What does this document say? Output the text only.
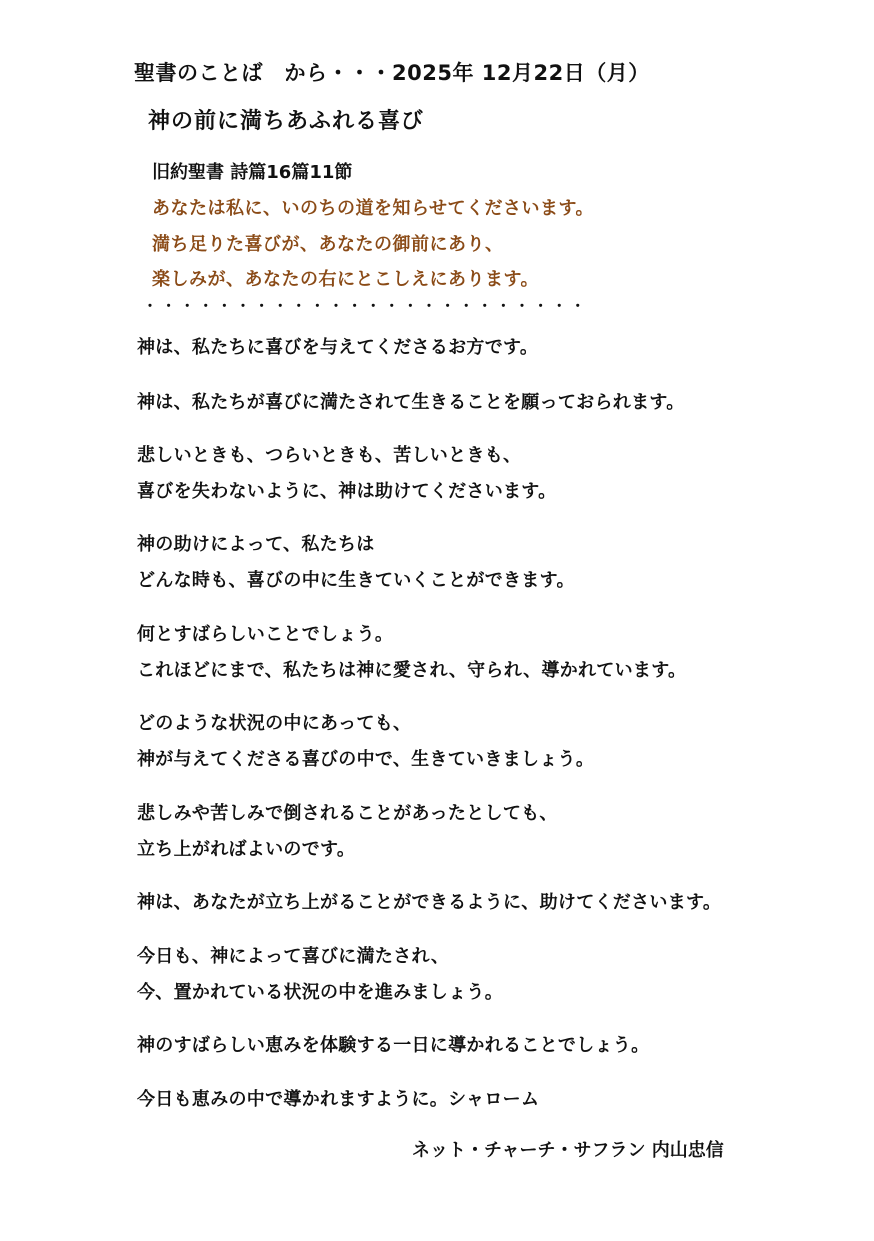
聖書のことば　から・・・2025年 12月22日（月）
神の前に満ちあふれる喜び
旧約聖書 詩篇16篇11節
あなたは私に、いのちの道を知らせてくださいます。
満ち足りた喜びが、あなたの御前にあり、
楽しみが、あなたの右にとこしえにあります。
・・・・・・・・・・・・・・・・・・・・・・・・
神は、私たちに喜びを与えてくださるお方です。
神は、私たちが喜びに満たされて生きることを願っておられます。
悲しいときも、つらいときも、苦しいときも、
喜びを失わないように、神は助けてくださいます。
神の助けによって、私たちは
どんな時も、喜びの中に生きていくことができます。
何とすばらしいことでしょう。
これほどにまで、私たちは神に愛され、守られ、導かれています。
どのような状況の中にあっても、
神が与えてくださる喜びの中で、生きていきましょう。
悲しみや苦しみで倒されることがあったとしても、
立ち上がればよいのです。
神は、あなたが立ち上がることができるように、助けてくださいます。
今日も、神によって喜びに満たされ、
今、置かれている状況の中を進みましょう。
神のすばらしい恵みを体験する一日に導かれることでしょう。
今日も恵みの中で導かれますように。シャローム
ネット・チャーチ・サフラン 内山忠信
